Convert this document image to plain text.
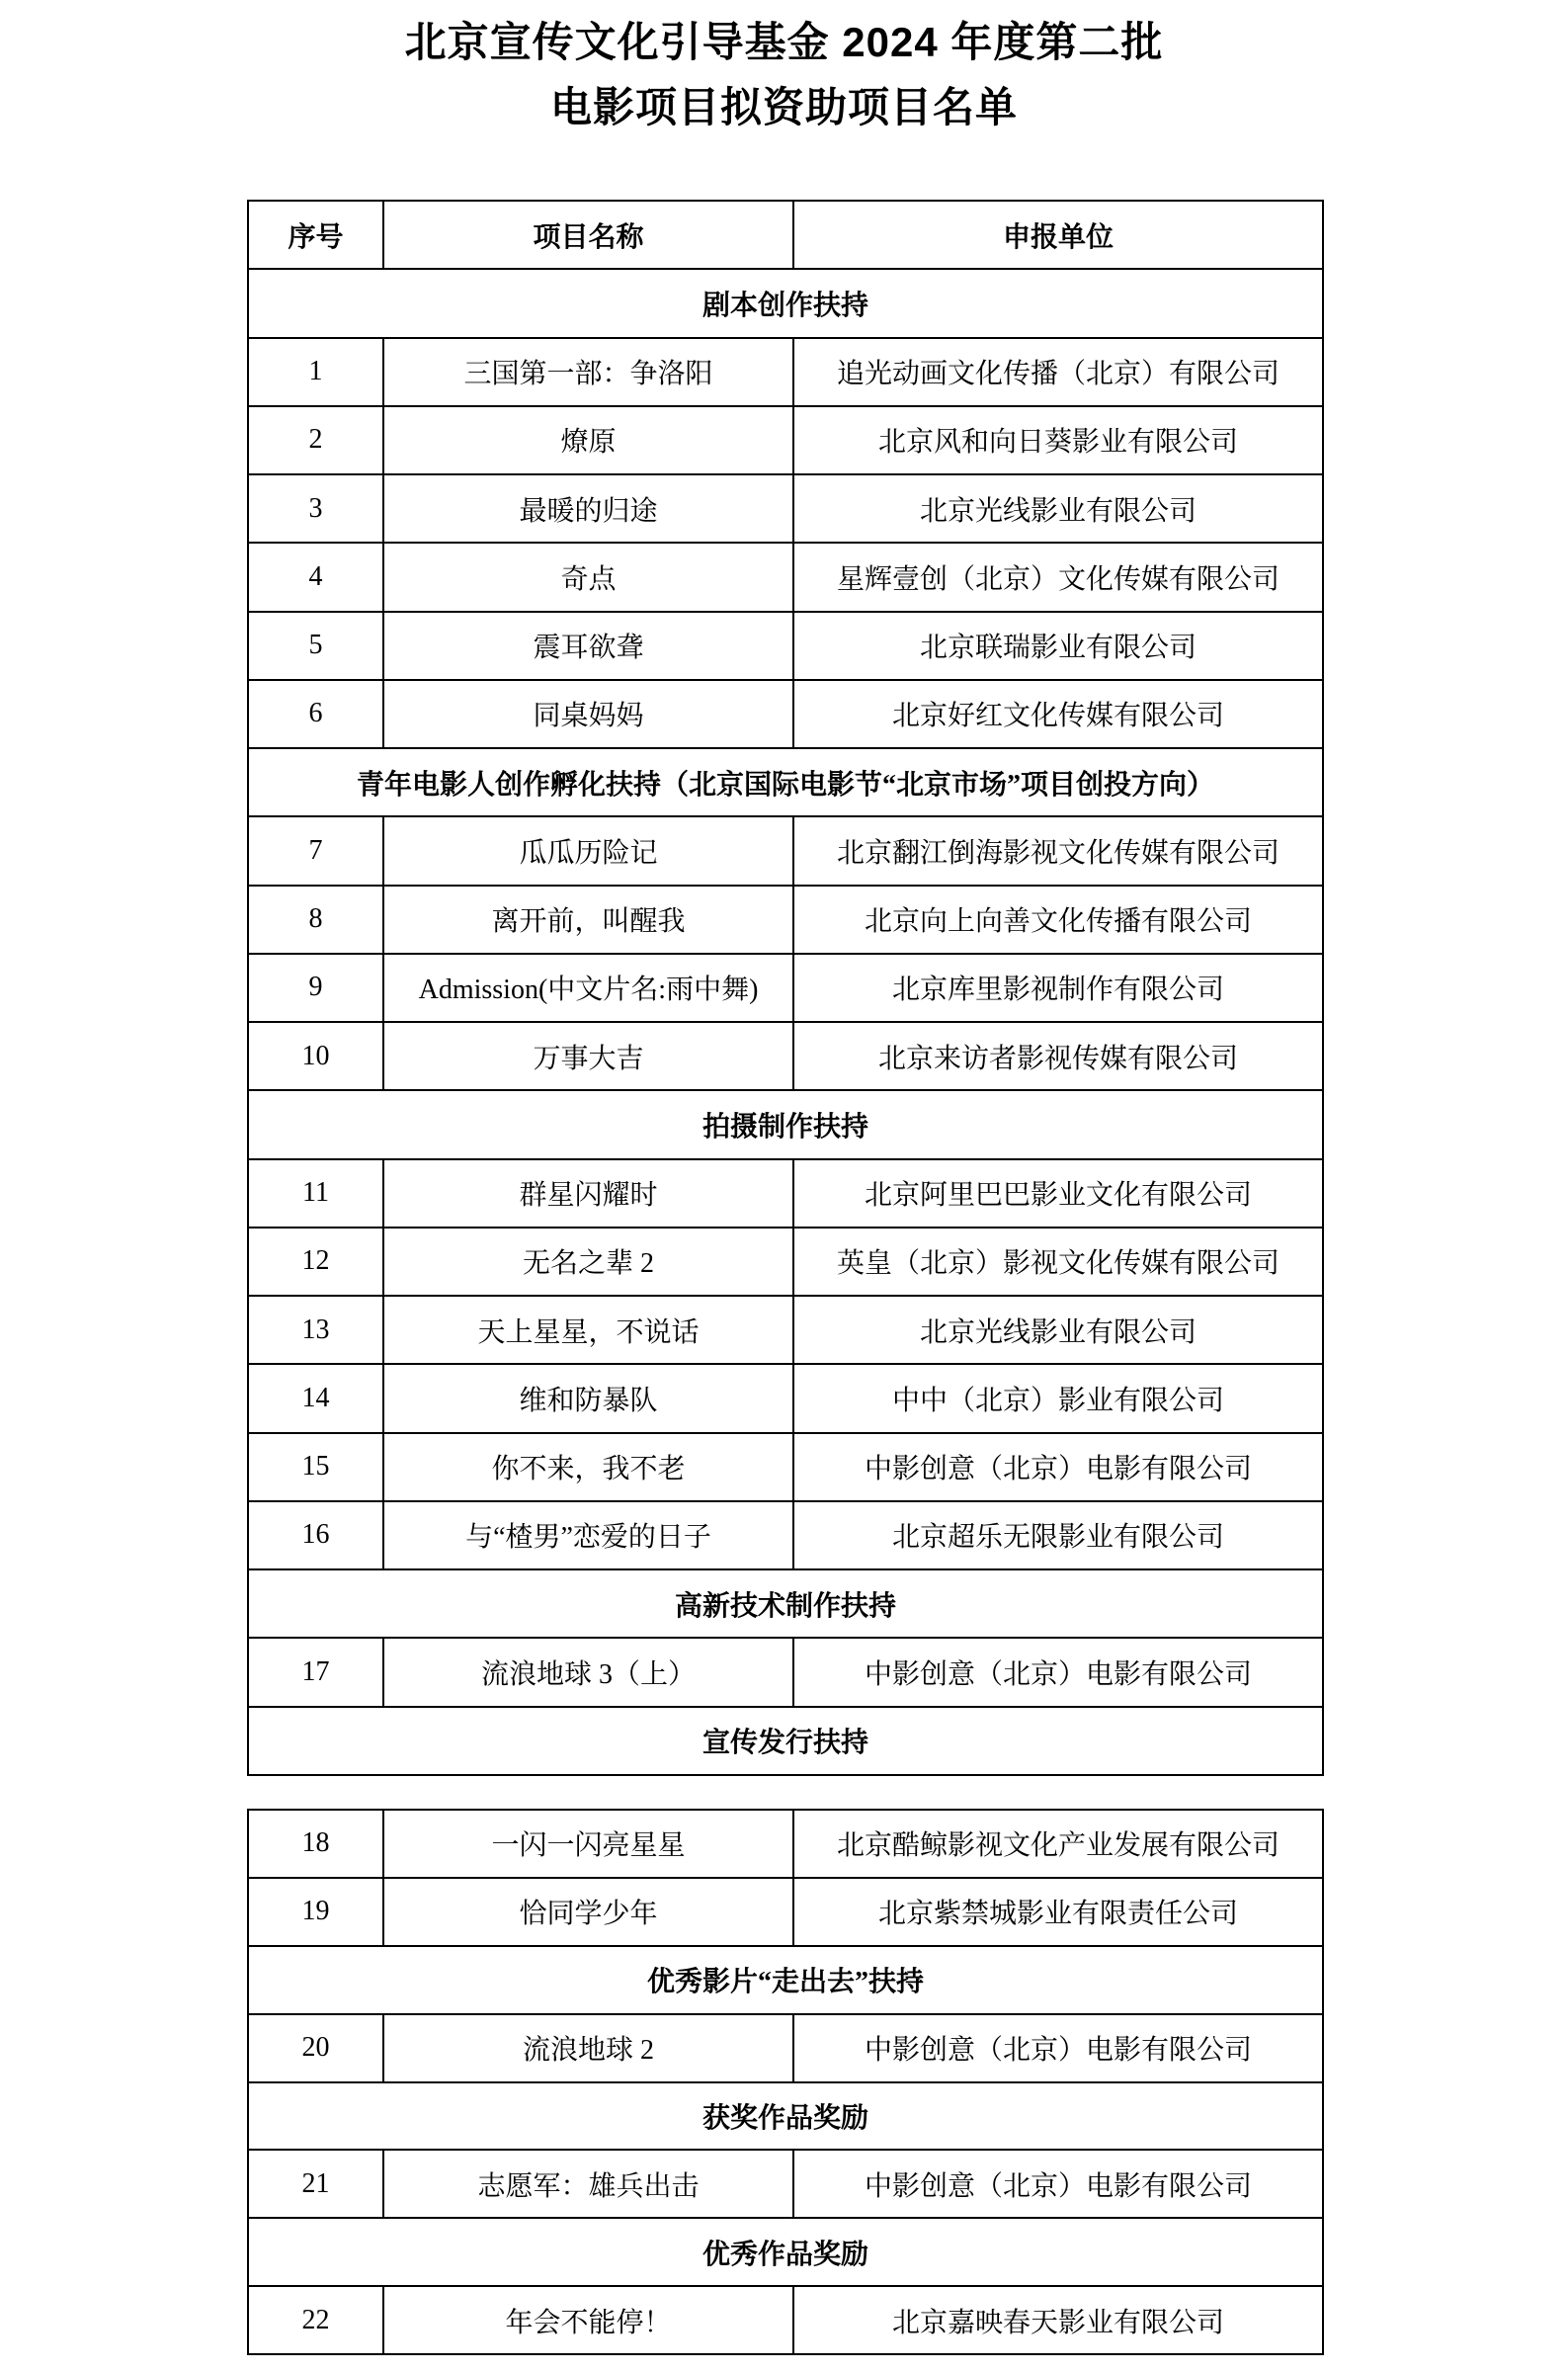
北京宣传文化引导基金 2024 年度第二批
电影项目拟资助项目名单
序号	项目名称	申报单位
剧本创作扶持		
1	三国第一部：争洛阳	追光动画文化传播（北京）有限公司
2	燎原	北京风和向日葵影业有限公司
3	最暖的归途	北京光线影业有限公司
4	奇点	星辉壹创（北京）文化传媒有限公司
5	震耳欲聋	北京联瑞影业有限公司
6	同桌妈妈	北京好红文化传媒有限公司
青年电影人创作孵化扶持（北京国际电影节“北京市场”项目创投方向）		
7	瓜瓜历险记	北京翻江倒海影视文化传媒有限公司
8	离开前，叫醒我	北京向上向善文化传播有限公司
9	Admission(中文片名:雨中舞)	北京库里影视制作有限公司
10	万事大吉	北京来访者影视传媒有限公司
拍摄制作扶持		
11	群星闪耀时	北京阿里巴巴影业文化有限公司
12	无名之辈 2	英皇（北京）影视文化传媒有限公司
13	天上星星，不说话	北京光线影业有限公司
14	维和防暴队	中中（北京）影业有限公司
15	你不来，我不老	中影创意（北京）电影有限公司
16	与“楂男”恋爱的日子	北京超乐无限影业有限公司
高新技术制作扶持		
17	流浪地球 3（上）	中影创意（北京）电影有限公司
宣传发行扶持		
18	一闪一闪亮星星	北京酷鲸影视文化产业发展有限公司
19	恰同学少年	北京紫禁城影业有限责任公司
优秀影片“走出去”扶持		
20	流浪地球 2	中影创意（北京）电影有限公司
获奖作品奖励		
21	志愿军：雄兵出击	中影创意（北京）电影有限公司
优秀作品奖励		
22	年会不能停！	北京嘉映春天影业有限公司
